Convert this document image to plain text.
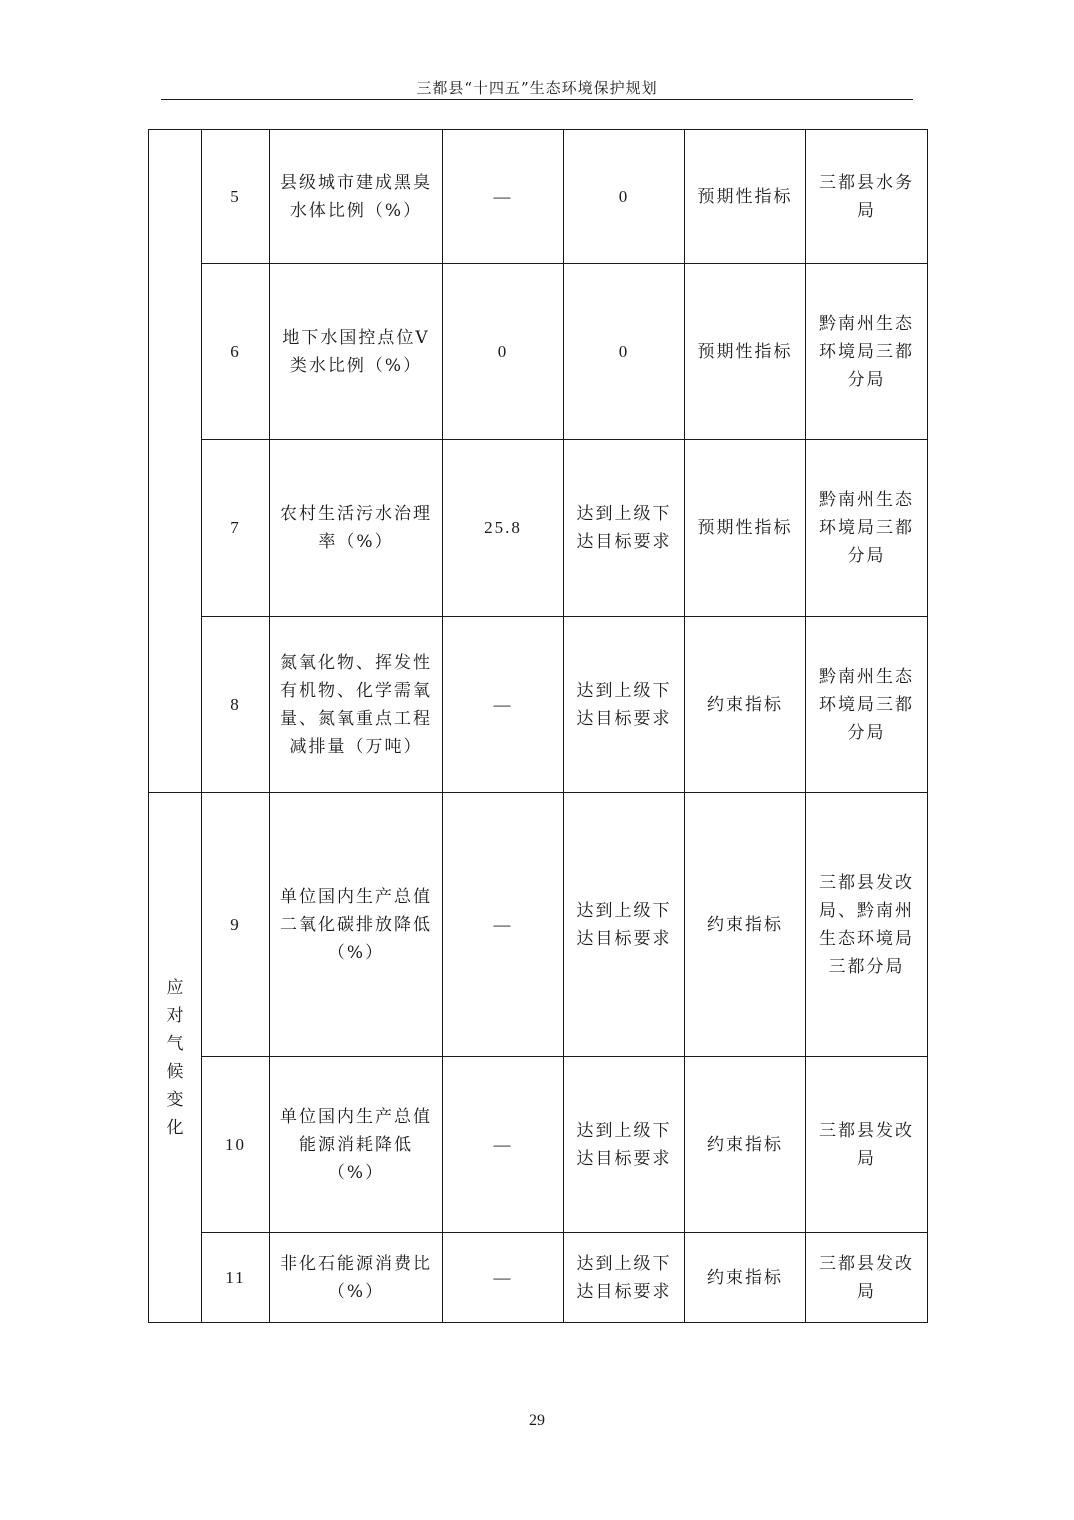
三都县“十四五”生态环境保护规划
	5	县级城市建成黑臭水体比例（%）	—	0	预期性指标	三都县水务局
	6	地下水国控点位Ⅴ类水比例（%）	0	0	预期性指标	黔南州生态环境局三都分局
	7	农村生活污水治理率（%）	25.8	达到上级下达目标要求	预期性指标	黔南州生态环境局三都分局
	8	氮氧化物、挥发性有机物、化学需氧量、氮氧重点工程减排量（万吨）	—	达到上级下达目标要求	约束指标	黔南州生态环境局三都分局
应对气候变化	9	单位国内生产总值二氧化碳排放降低（%）	—	达到上级下达目标要求	约束指标	三都县发改局、黔南州生态环境局三都分局
	10	单位国内生产总值能源消耗降低（%）	—	达到上级下达目标要求	约束指标	三都县发改局
	11	非化石能源消费比（%）	—	达到上级下达目标要求	约束指标	三都县发改局
29
